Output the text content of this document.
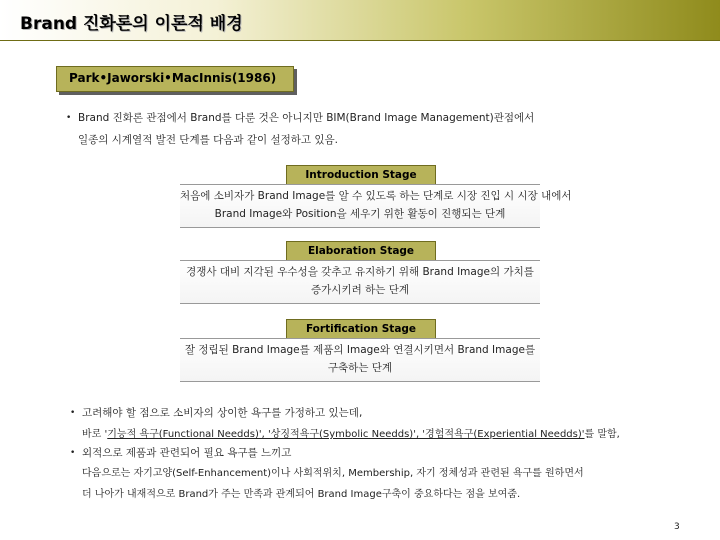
Brand 진화론의 이론적 배경
Park•Jaworski•MacInnis(1986)
• Brand 진화론 관점에서 Brand를 다룬 것은 아니지만 BIM(Brand Image Management)관점에서
일종의 시계열적 발전 단계를 다음과 같이 설정하고 있음.
Introduction Stage
처음에 소비자가 Brand Image를 알 수 있도록 하는 단계로 시장 진입 시 시장 내에서
Brand Image와 Position을 세우기 위한 활동이 진행되는 단계
Elaboration Stage
경쟁사 대비 지각된 우수성을 갖추고 유지하기 위해 Brand Image의 가치를
증가시키려 하는 단계
Fortification Stage
잘 정립된 Brand Image를 제품의 Image와 연결시키면서 Brand Image를
구축하는 단계
• 고려해야 할 점으로 소비자의 상이한 욕구를 가정하고 있는데,
바로 '기능적 욕구(Functional Needds)', '상징적욕구(Symbolic Needds)', '경험적욕구(Experiential Needds)'를 말함,
• 외적으로 제품과 관련되어 필요 욕구를 느끼고
다음으로는 자기고양(Self-Enhancement)이나 사회적위치, Membership, 자기 정체성과 관련된 욕구를 원하면서
더 나아가 내재적으로 Brand가 주는 만족과 관계되어 Brand Image구축이 중요하다는 점을 보여줌.
3
